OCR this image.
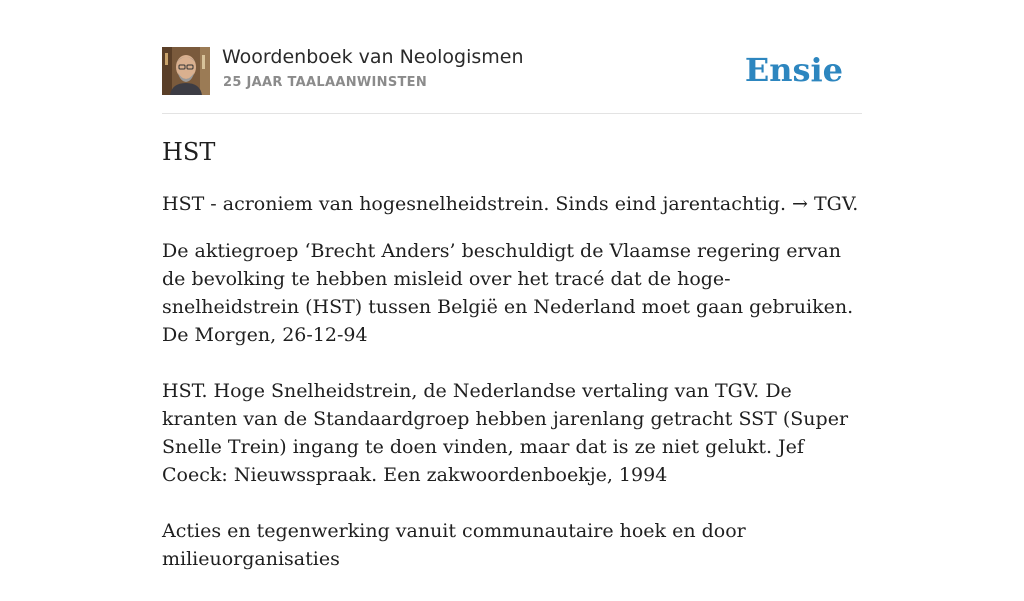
Woordenboek van Neologismen
25 JAAR TAALAANWINSTEN	Ensie
HST

HST - acroniem van hogesnelheidstrein. Sinds eind jarentachtig. → TGV.

De aktiegroep ‘Brecht Anders’ beschuldigt de Vlaamse regering ervan de bevolking te hebben misleid over het tracé dat de hoge-snelheidstrein (HST) tussen België en Nederland moet gaan gebruiken. De Morgen, 26-12-94

HST. Hoge Snelheidstrein, de Nederlandse vertaling van TGV. De kranten van de Standaardgroep hebben jarenlang getracht SST (Super Snelle Trein) ingang te doen vinden, maar dat is ze niet gelukt. Jef Coeck: Nieuwsspraak. Een zakwoordenboekje, 1994

Acties en tegenwerking vanuit communautaire hoek en door milieuorganisaties
